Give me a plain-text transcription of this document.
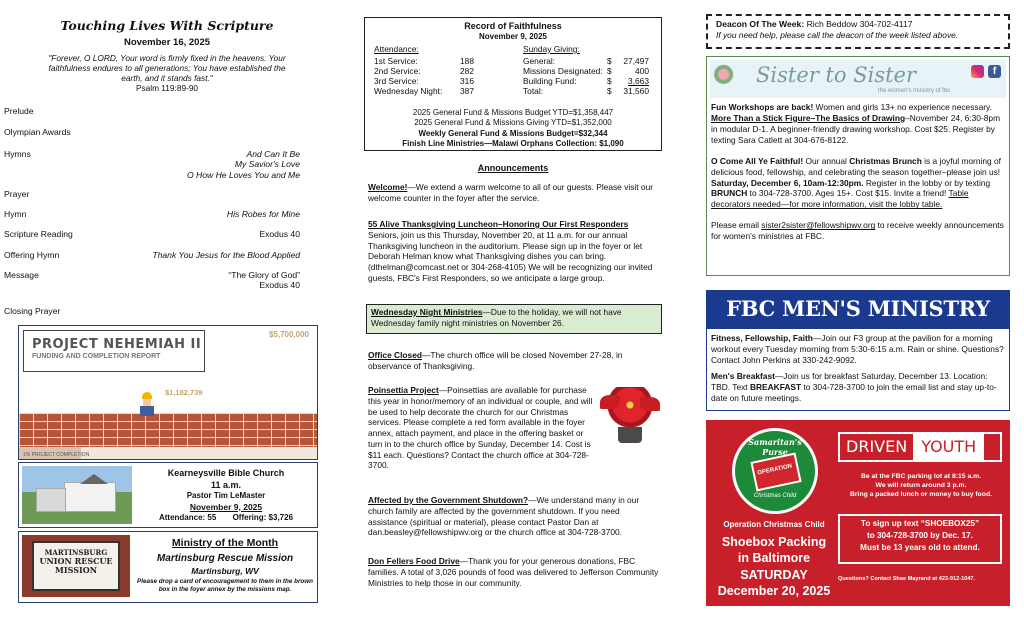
Touching Lives With Scripture
November 16, 2025
"Forever, O LORD, Your word is firmly fixed in the heavens. Your faithfulness endures to all generations; You have established the earth, and it stands fast."
Psalm 119:89-90
Prelude
Olympian Awards
Hymns	And Can It Be
My Savior's Love
O How He Loves You and Me
Prayer
Hymn	His Robes for Mine
Scripture Reading	Exodus 40
Offering Hymn	Thank You Jesus for the Blood Applied
Message	“The Glory of God”
Exodus 40
Closing Prayer
PROJECT NEHEMIAH II
FUNDING AND COMPLETION REPORT
$5,700,000
1% PROJECT COMPLETION
$1,182,739
Kearneysville Bible Church
11 a.m.
Pastor Tim LeMaster
November 9, 2025
Attendance: 55 Offering: $3,726
MARTINSBURG
UNION RESCUE
MISSION
Ministry of the Month
Martinsburg Rescue Mission
Martinsburg, WV
Please drop a card of encouragement to them in the brown box in the foyer annex by the missions map.
Record of Faithfulness
November 9, 2025
Attendance:	Sunday Giving:
1st Service:	188
2nd Service:	282
3rd Service:	316
Wednesday Night: 387
General:	$ 27,497
Missions Designated: $	400
Building Fund:	$ 3,663
Total:	$ 31,560
2025 General Fund & Missions Budget YTD=$1,358,447
2025 General Fund & Missions Giving YTD=$1,352,000
Weekly General Fund & Missions Budget=$32,344
Finish Line Ministries—Malawi Orphans Collection: $1,090
Announcements
Welcome!—We extend a warm welcome to all of our guests. Please visit our welcome counter in the foyer after the service.
55 Alive Thanksgiving Luncheon–Honoring Our First Responders
Seniors, join us this Thursday, November 20, at 11 a.m. for our annual Thanksgiving luncheon in the auditorium. Please sign up in the foyer or let Deborah Helman know what Thanksgiving dishes you can bring. (dthelman@comcast.net or 304-268-4105) We will be recognizing our invited guests, FBC's First Responders, so we anticipate a large group.
Wednesday Night Ministries—Due to the holiday, we will not have Wednesday family night ministries on November 26.
Office Closed—The church office will be closed November 27-28, in observance of Thanksgiving.
Poinsettia Project—Poinsettias are available for purchase this year in honor/memory of an individual or couple, and will be used to help decorate the church for our Christmas services. Please complete a red form available in the foyer annex, attach payment, and place in the offering basket or turn in to the church office by Sunday, December 14. Cost is $11 each. Questions? Contact the church office at 304-728-3700.
Affected by the Government Shutdown?—We understand many in our church family are affected by the government shutdown. If you need assistance (spiritual or material), please contact Pastor Dan at dan.beasley@fellowshipwv.org or the church office at 304-728-3700.
Don Fellers Food Drive—Thank you for your generous donations, FBC families. A total of 3,026 pounds of food was delivered to Jefferson Community Ministries to help those in our community.
Deacon Of The Week: Rich Beddow 304-702-4117
If you need help, please call the deacon of the week listed above.
Sister to Sister
the women's ministry of fbc
f
Fun Workshops are back! Women and girls 13+ no experience necessary. More Than a Stick Figure–The Basics of Drawing–November 24, 6:30-8pm in modular D-1. A beginner-friendly drawing workshop. Cost $25. Register by texting Sara Catlett at 304-676-8122.
O Come All Ye Faithful! Our annual Christmas Brunch is a joyful morning of delicious food, fellowship, and celebrating the season together–please join us! Saturday, December 6, 10am-12:30pm. Register in the lobby or by texting BRUNCH to 304-728-3700. Ages 15+. Cost $15. Invite a friend! Table decorators needed—for more information, visit the lobby table.
Please email sister2sister@fellowshipwv.org to receive weekly announcements for women's ministries at FBC.
FBC MEN'S MINISTRY
Fitness, Fellowship, Faith—Join our F3 group at the pavilion for a morning workout every Tuesday morning from 5:30-6:15 a.m. Rain or shine. Questions? Contact John Perkins at 330-242-9092.
Men's Breakfast—Join us for breakfast Saturday, December 13. Location: TBD. Text BREAKFAST to 304-728-3700 to join the email list and stay up-to-date on future meetings.
Samaritan's Purse
OPERATION
Christmas Child
Operation Christmas Child
Shoebox Packing
in Baltimore
SATURDAY
December 20, 2025
DRIVEN YOUTH
Be at the FBC parking lot at 8:15 a.m.
We will return around 3 p.m.
Bring a packed lunch or money to buy food.
To sign up text “SHOEBOX25”
to 304-728-3700 by Dec. 17.
Must be 13 years old to attend.
Questions? Contact Shae Mayrand at 423-912-1047.
